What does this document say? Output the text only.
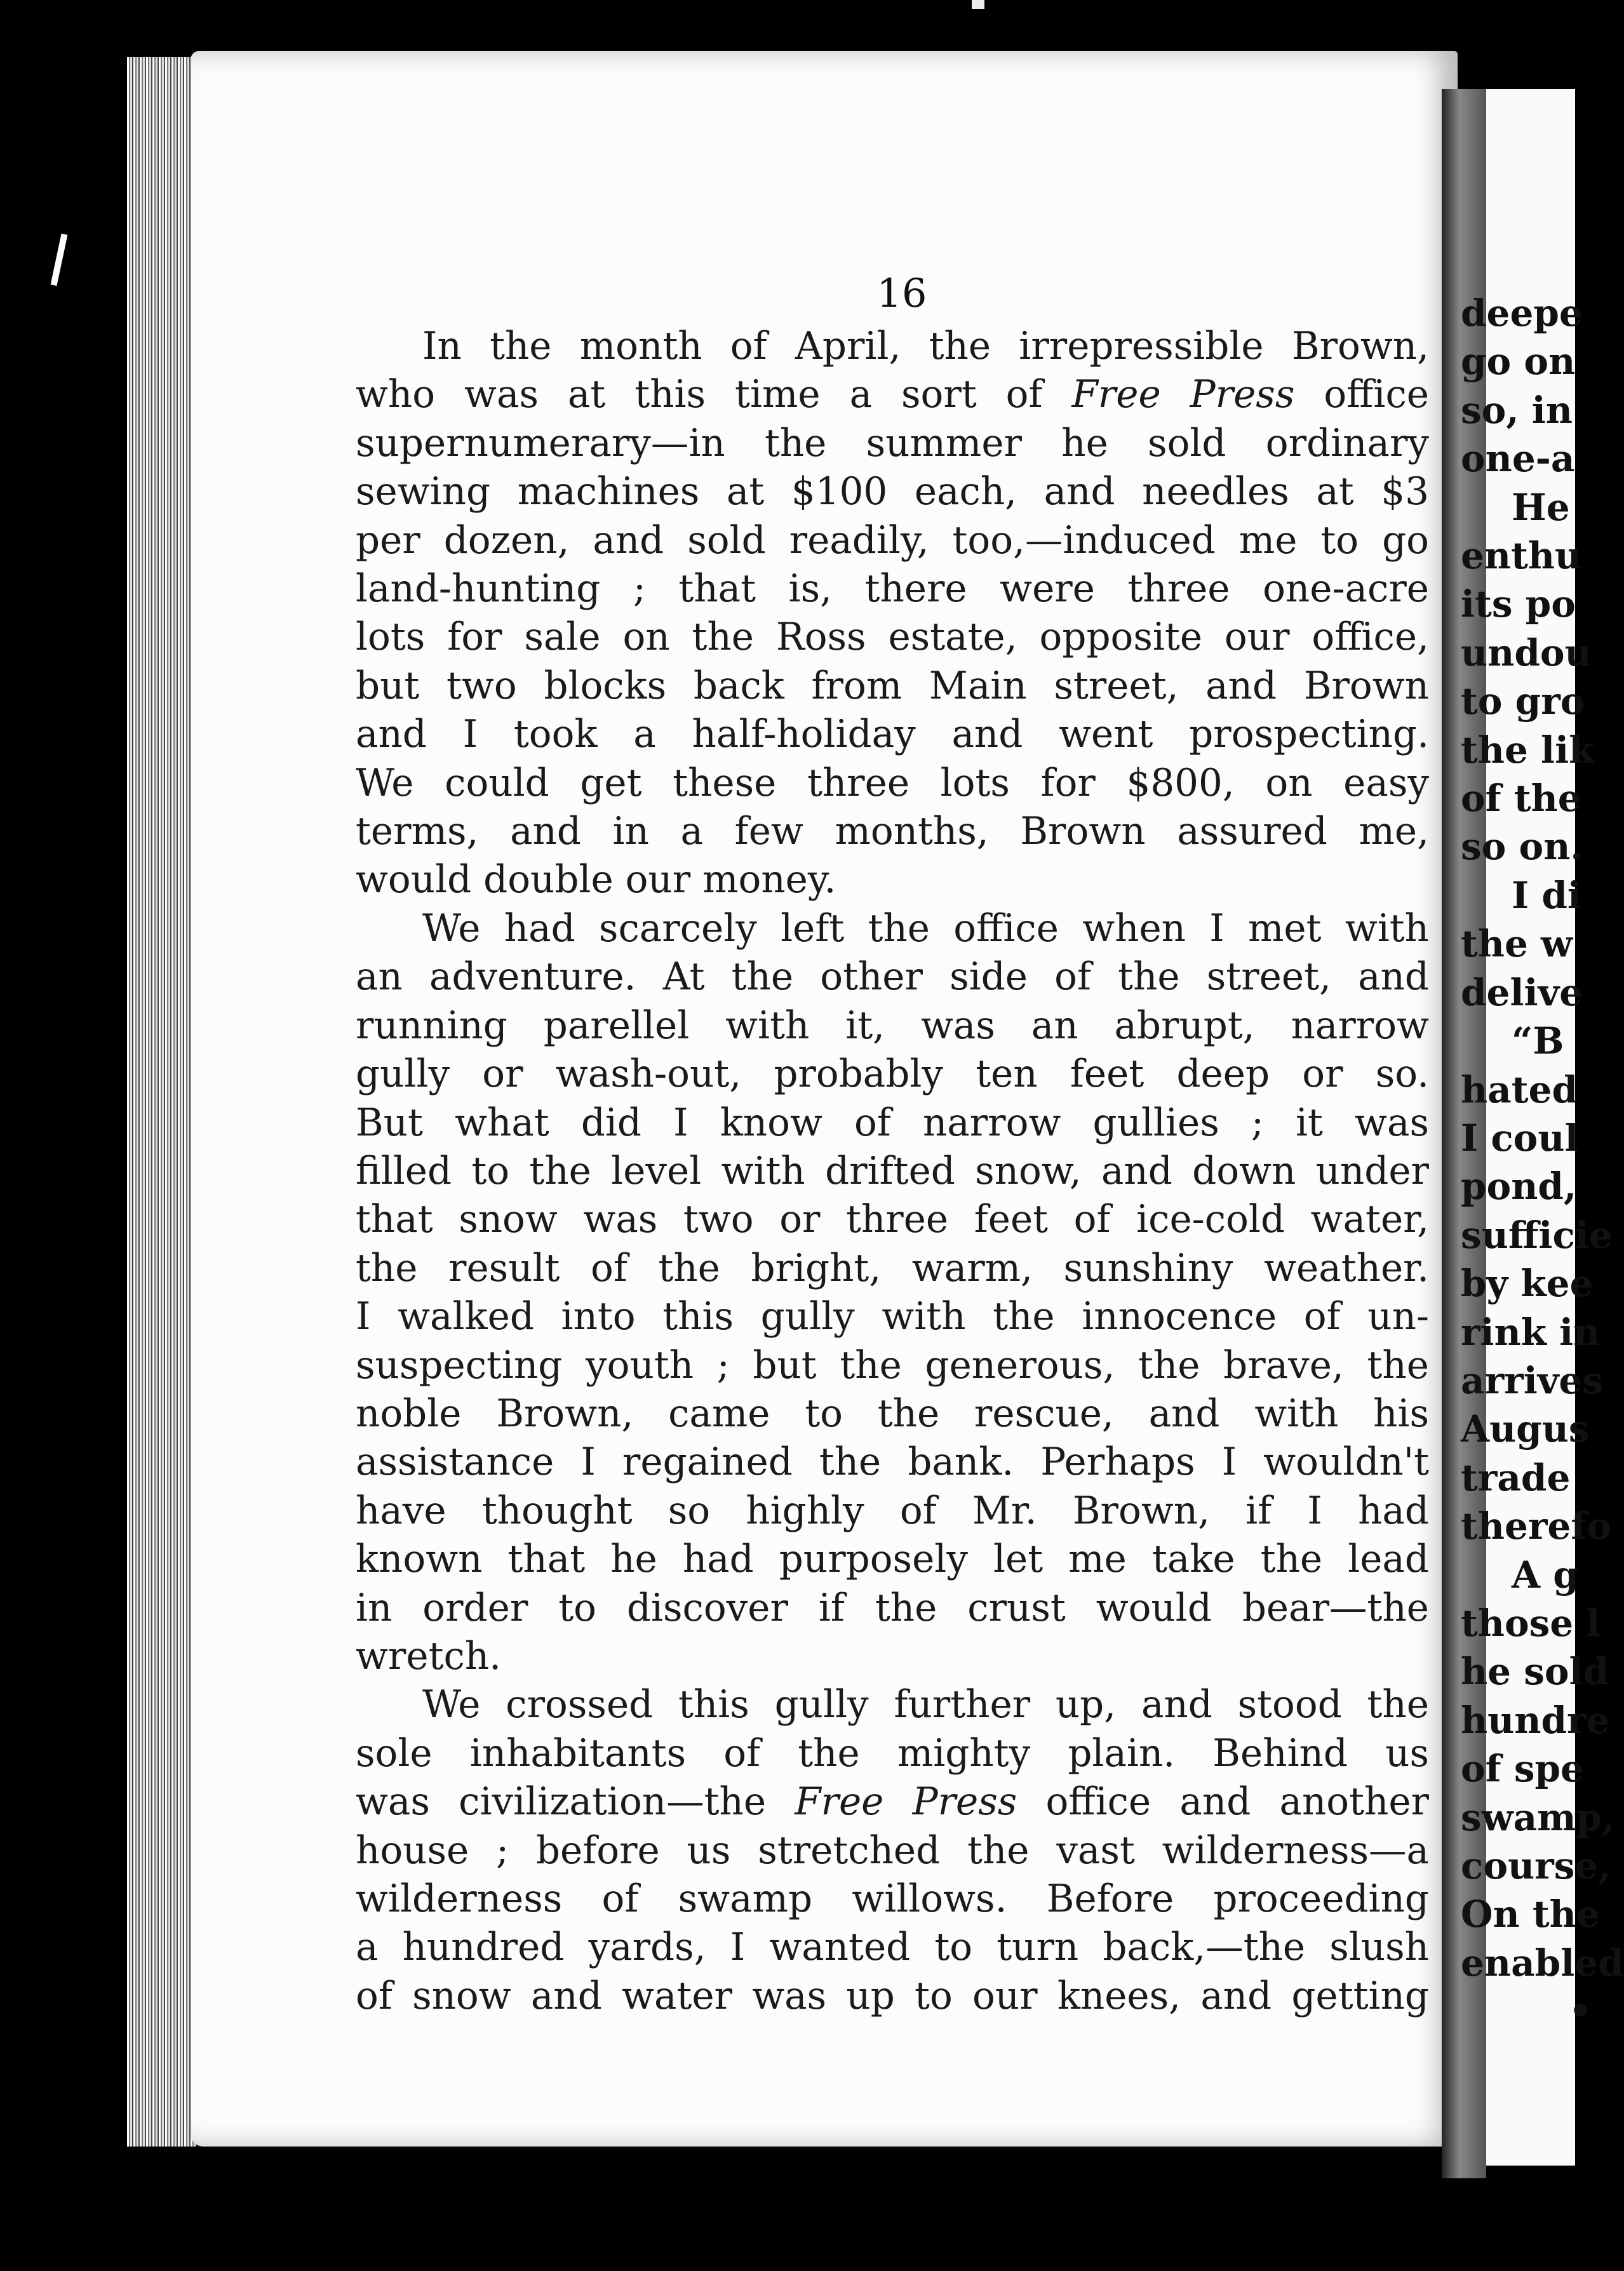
16

In the month of April, the irrepressible Brown,
who was at this time a sort of Free Press office
supernumerary—in the summer he sold ordinary
sewing machines at $100 each, and needles at $3
per dozen, and sold readily, too,—induced me to go
land-hunting ; that is, there were three one-acre
lots for sale on the Ross estate, opposite our office,
but two blocks back from Main street, and Brown
and I took a half-holiday and went prospecting.
We could get these three lots for $800, on easy
terms, and in a few months, Brown assured me,
would double our money.

We had scarcely left the office when I met with
an adventure. At the other side of the street, and
running parellel with it, was an abrupt, narrow
gully or wash-out, probably ten feet deep or so.
But what did I know of narrow gullies ; it was
filled to the level with drifted snow, and down under
that snow was two or three feet of ice-cold water,
the result of the bright, warm, sunshiny weather.
I walked into this gully with the innocence of un-
suspecting youth ; but the generous, the brave, the
noble Brown, came to the rescue, and with his
assistance I regained the bank. Perhaps I wouldn't
have thought so highly of Mr. Brown, if I had
known that he had purposely let me take the lead
in order to discover if the crust would bear—the
wretch.

We crossed this gully further up, and stood the
sole inhabitants of the mighty plain. Behind us
was civilization—the Free Press office and another
house ; before us stretched the vast wilderness—a
wilderness of swamp willows. Before proceeding
a hundred yards, I wanted to turn back,—the slush
of snow and water was up to our knees, and getting

deepe
go on
so, in
one-a
He
enthu
its po
undou
to gro
the lik
of the
so on.
I di
the w
delive
“B
hated
I coul
pond,
sufficie
by kee
rink in
arrives
Augus
trade
therefo
A g
those l
he sold
hundre
of spe
swamp,
course,
On the
enabled
•
